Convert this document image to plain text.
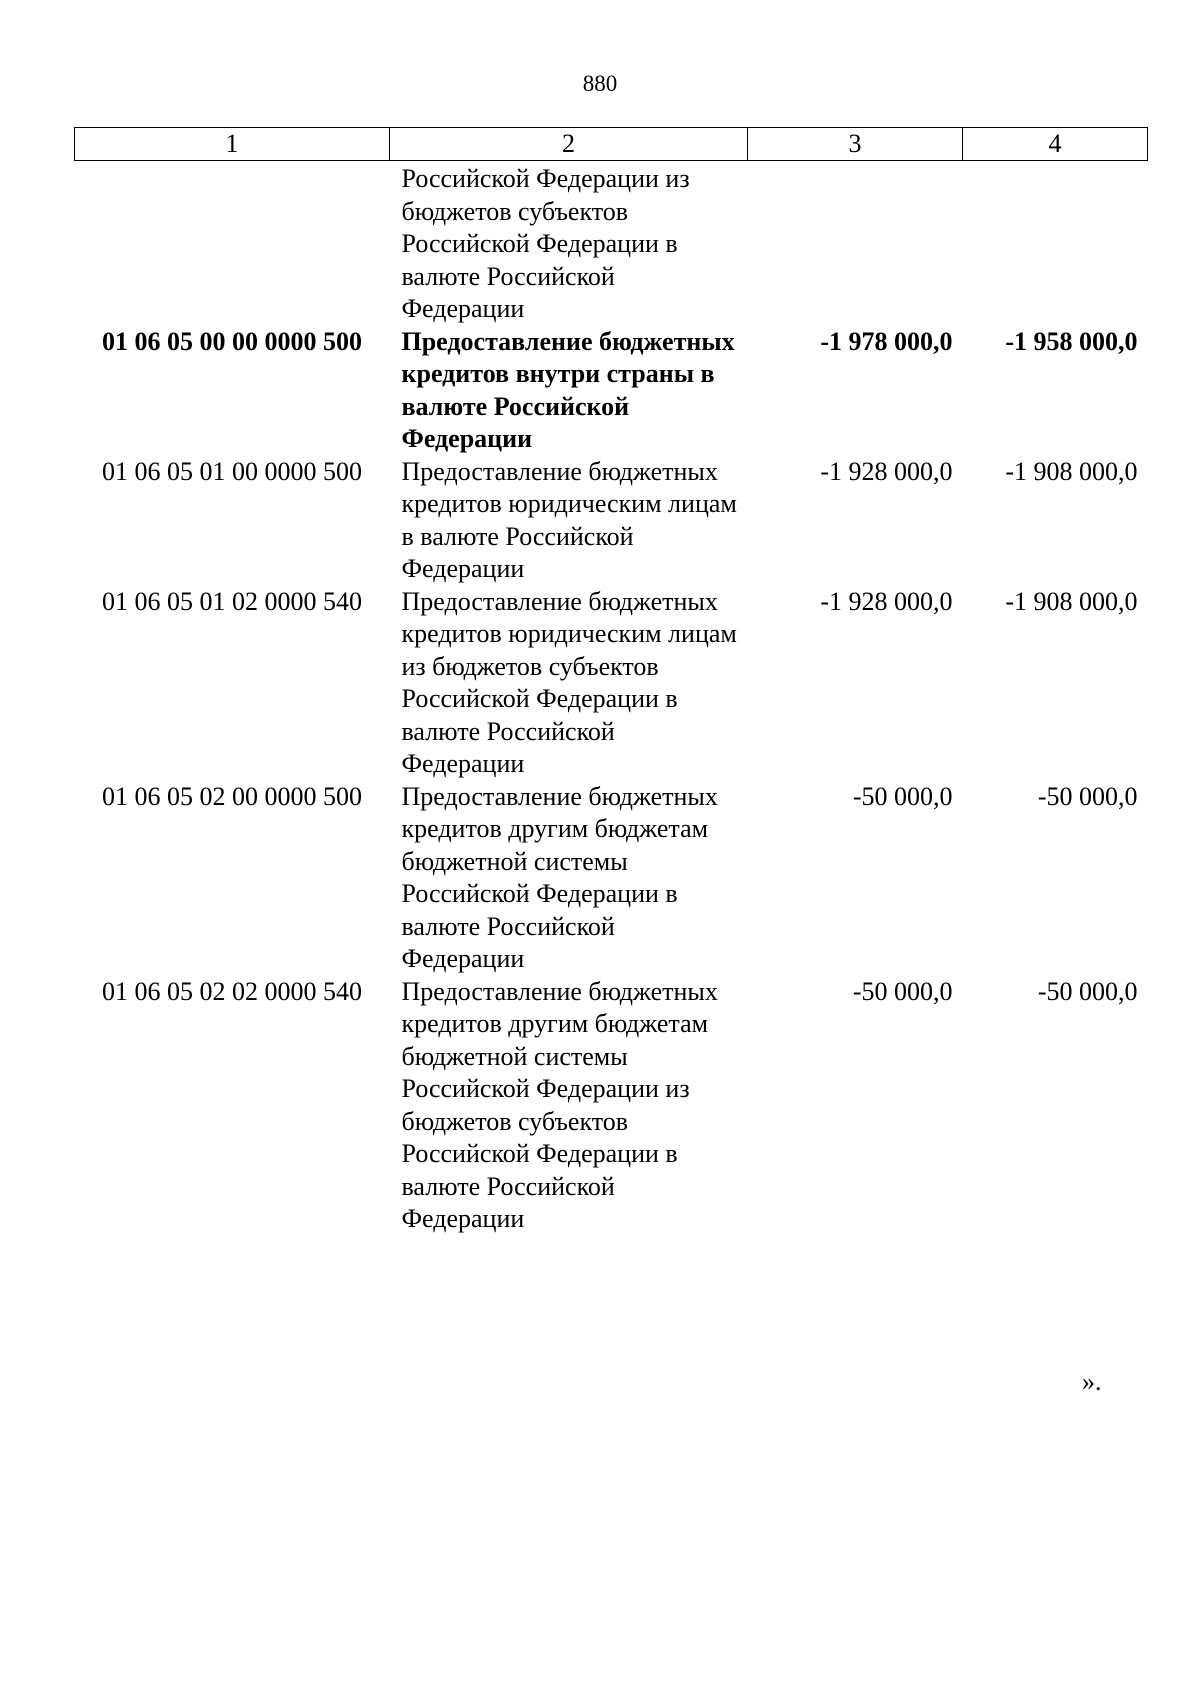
880
1	2	3	4
	Российской Федерации из бюджетов субъектов Российской Федерации в валюте Российской Федерации		
01 06 05 00 00 0000 500	Предоставление бюджетных кредитов внутри страны в валюте Российской Федерации	-1 978 000,0	-1 958 000,0
01 06 05 01 00 0000 500	Предоставление бюджетных кредитов юридическим лицам в валюте Российской Федерации	-1 928 000,0	-1 908 000,0
01 06 05 01 02 0000 540	Предоставление бюджетных кредитов юридическим лицам из бюджетов субъектов Российской Федерации в валюте Российской Федерации	-1 928 000,0	-1 908 000,0
01 06 05 02 00 0000 500	Предоставление бюджетных кредитов другим бюджетам бюджетной системы Российской Федерации в валюте Российской Федерации	-50 000,0	-50 000,0
01 06 05 02 02 0000 540	Предоставление бюджетных кредитов другим бюджетам бюджетной системы Российской Федерации из бюджетов субъектов Российской Федерации в валюте Российской Федерации	-50 000,0	-50 000,0
».
